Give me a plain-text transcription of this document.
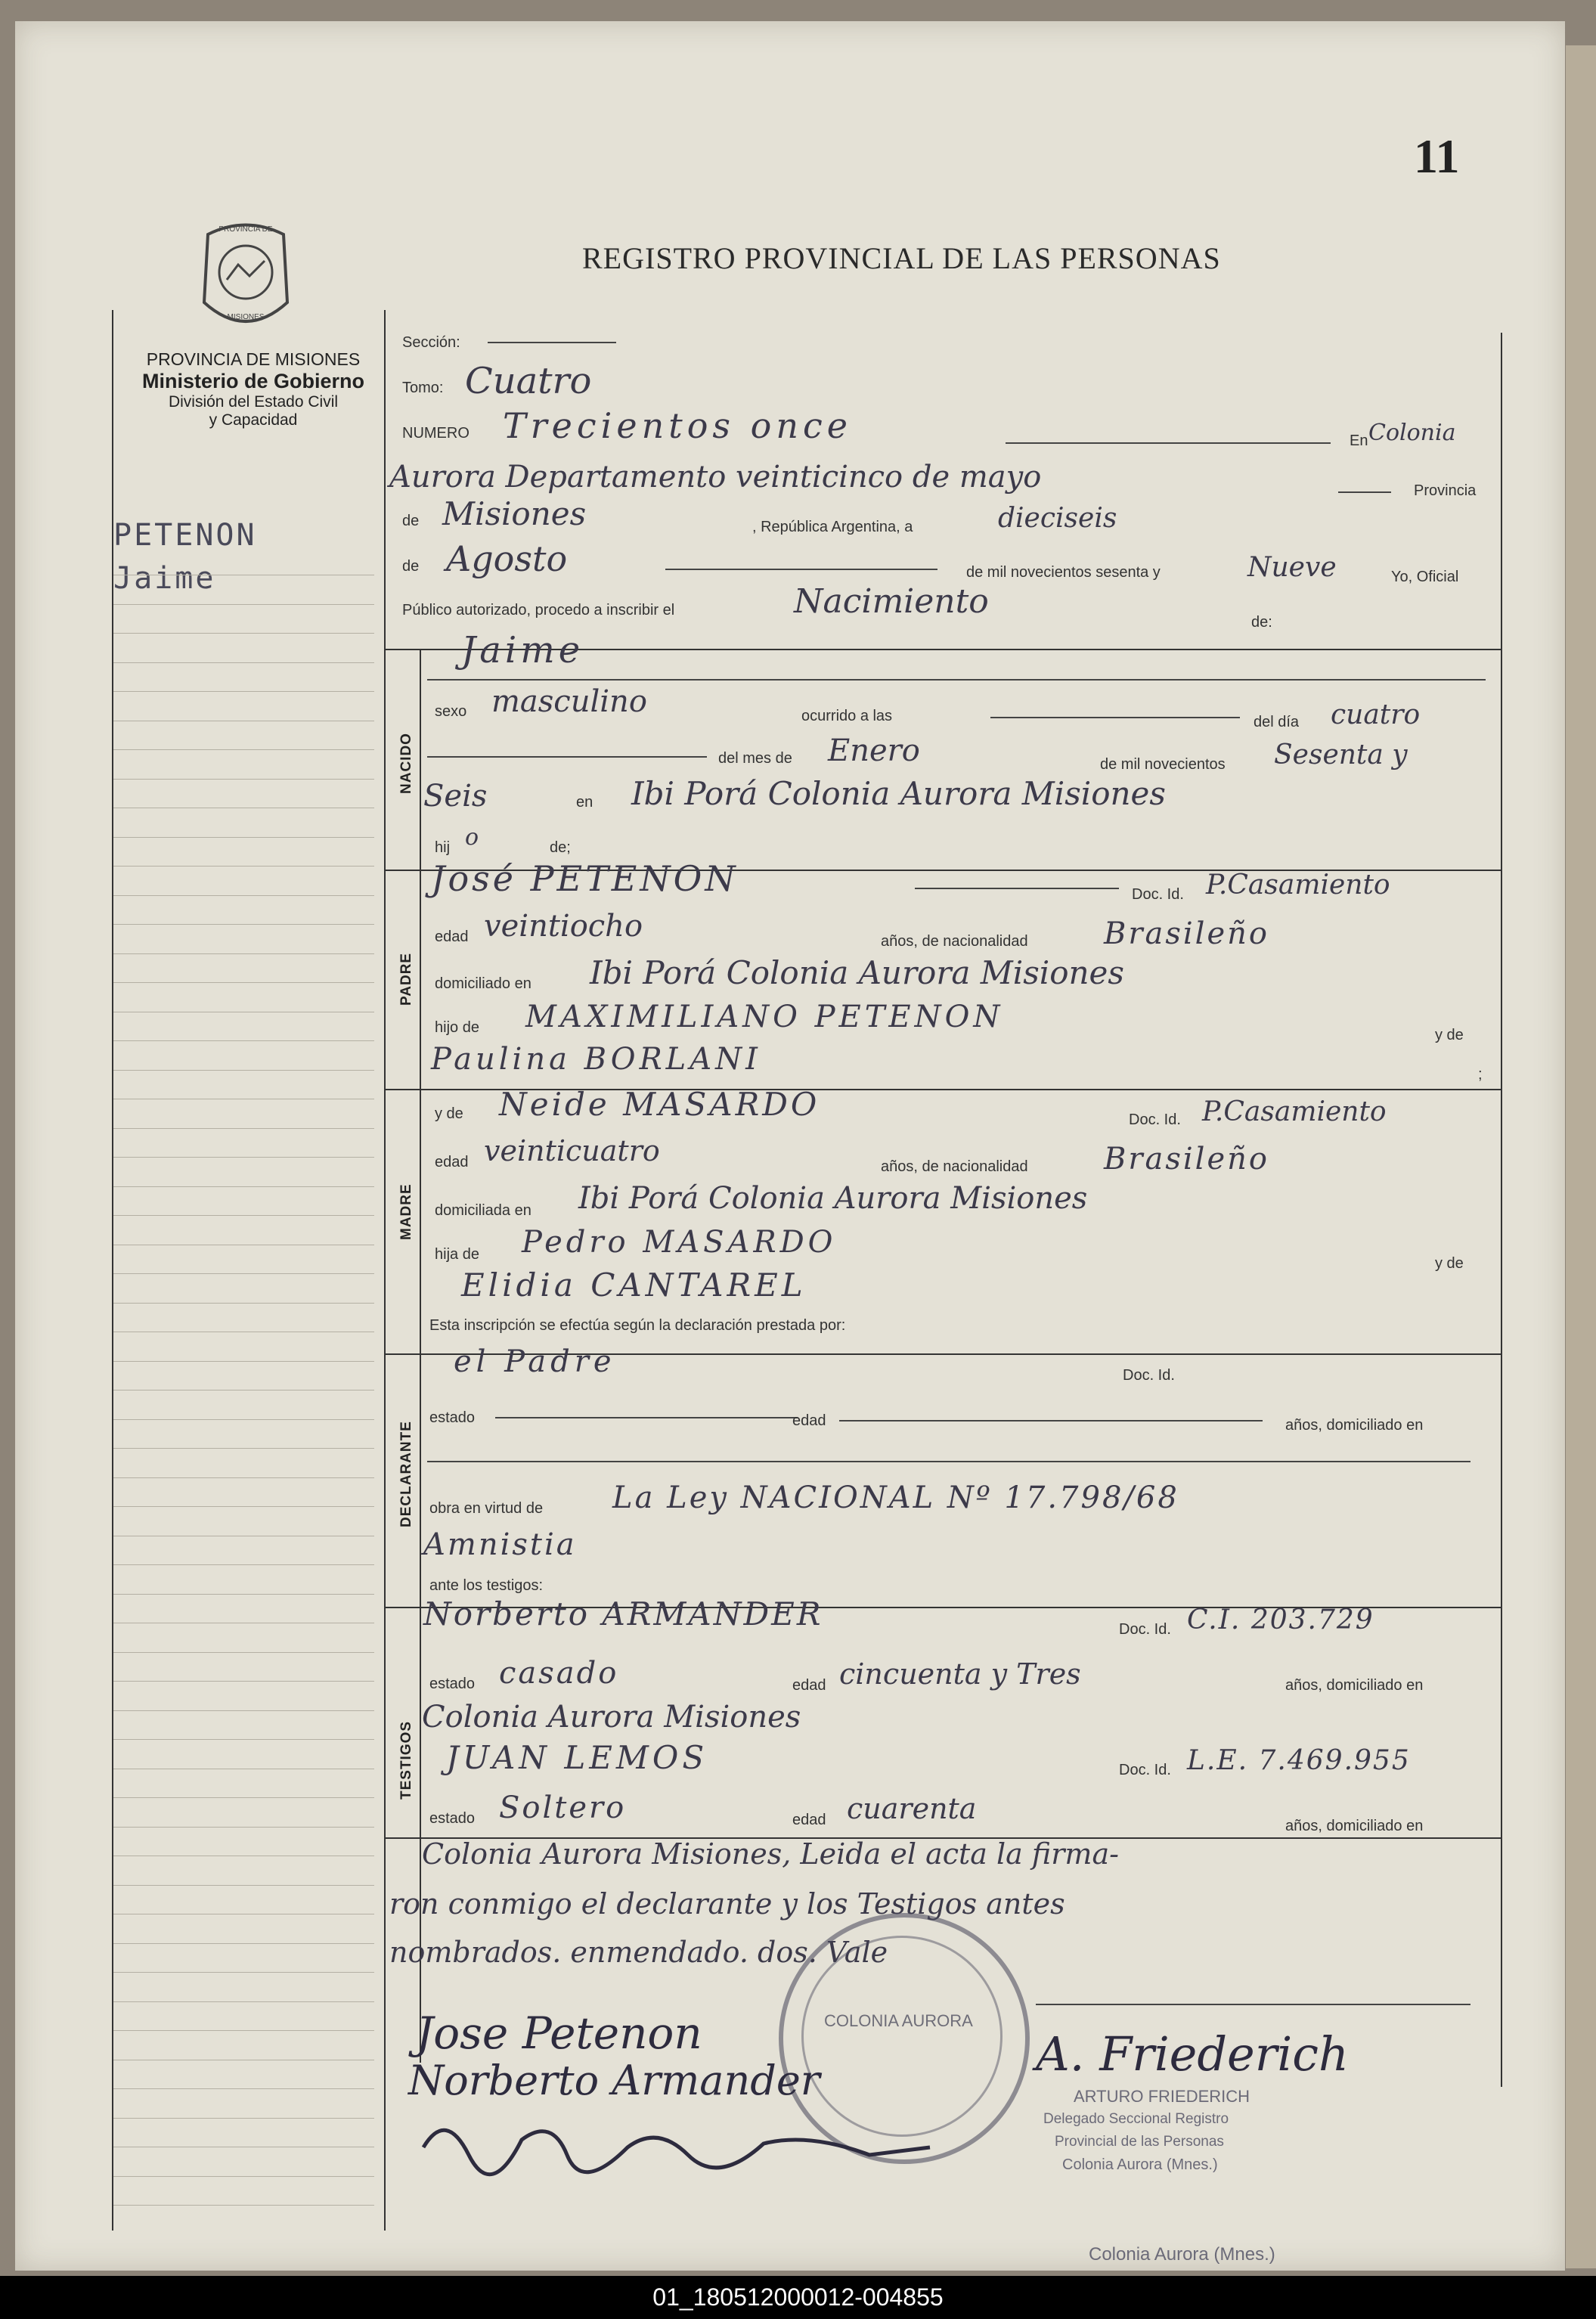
11
REGISTRO PROVINCIAL DE LAS PERSONAS
PROVINCIA DE
MISIONES
PROVINCIA DE MISIONES
Ministerio de Gobierno
División del Estado Civil
y Capacidad
PETENON
Jaime
NACIDO
PADRE
MADRE
DECLARANTE
TESTIGOS
Sección:
Tomo: Cuatro
NUMERO Trecientos once	En Colonia
Aurora Departamento veinticinco de mayo	Provincia
de Misiones	, República Argentina, a	dieciseis
de Agosto	de mil novecientos sesenta y	Nueve	Yo, Oficial
Público autorizado, procedo a inscribir el	Nacimiento
de:
Jaime
sexo masculino	ocurrido a las	del día cuatro
del mes de Enero	de mil novecientos Sesenta y
Seis	en Ibi Porá Colonia Aurora Misiones
hij o	de;
José PETENON	Doc. Id. P.Casamiento
edad veintiocho	años, de nacionalidad	Brasileño
domiciliado en Ibi Porá Colonia Aurora Misiones
hijo de MAXIMILIANO PETENON
y de
Paulina BORLANI	;
y de Neide MASARDO	Doc. Id. P.Casamiento
edad veinticuatro	años, de nacionalidad	Brasileño
domiciliada en Ibi Porá Colonia Aurora Misiones
hija de Pedro MASARDO
y de
Elidia CANTAREL
Esta inscripción se efectúa según la declaración prestada por:
el Padre	Doc. Id.
estado	edad	años, domiciliado en
obra en virtud de La Ley NACIONAL Nº 17.798/68
Amnistia
ante los testigos:
Norberto ARMANDER	Doc. Id. C.I. 203.729
estado casado	edad cincuenta y Tres	años, domiciliado en
Colonia Aurora Misiones
JUAN LEMOS	Doc. Id. L.E. 7.469.955
estado Soltero	edad cuarenta
años, domiciliado en
Colonia Aurora Misiones, Leida el acta la firma-
ron conmigo el declarante y los Testigos antes
nombrados. enmendado. dos. Vale
COLONIA AURORA
Jose Petenon
Norberto Armander	A. Friederich
ARTURO FRIEDERICH
Delegado Seccional Registro
Provincial de las Personas
Colonia Aurora (Mnes.)
Colonia Aurora (Mnes.)
01_180512000012-004855
